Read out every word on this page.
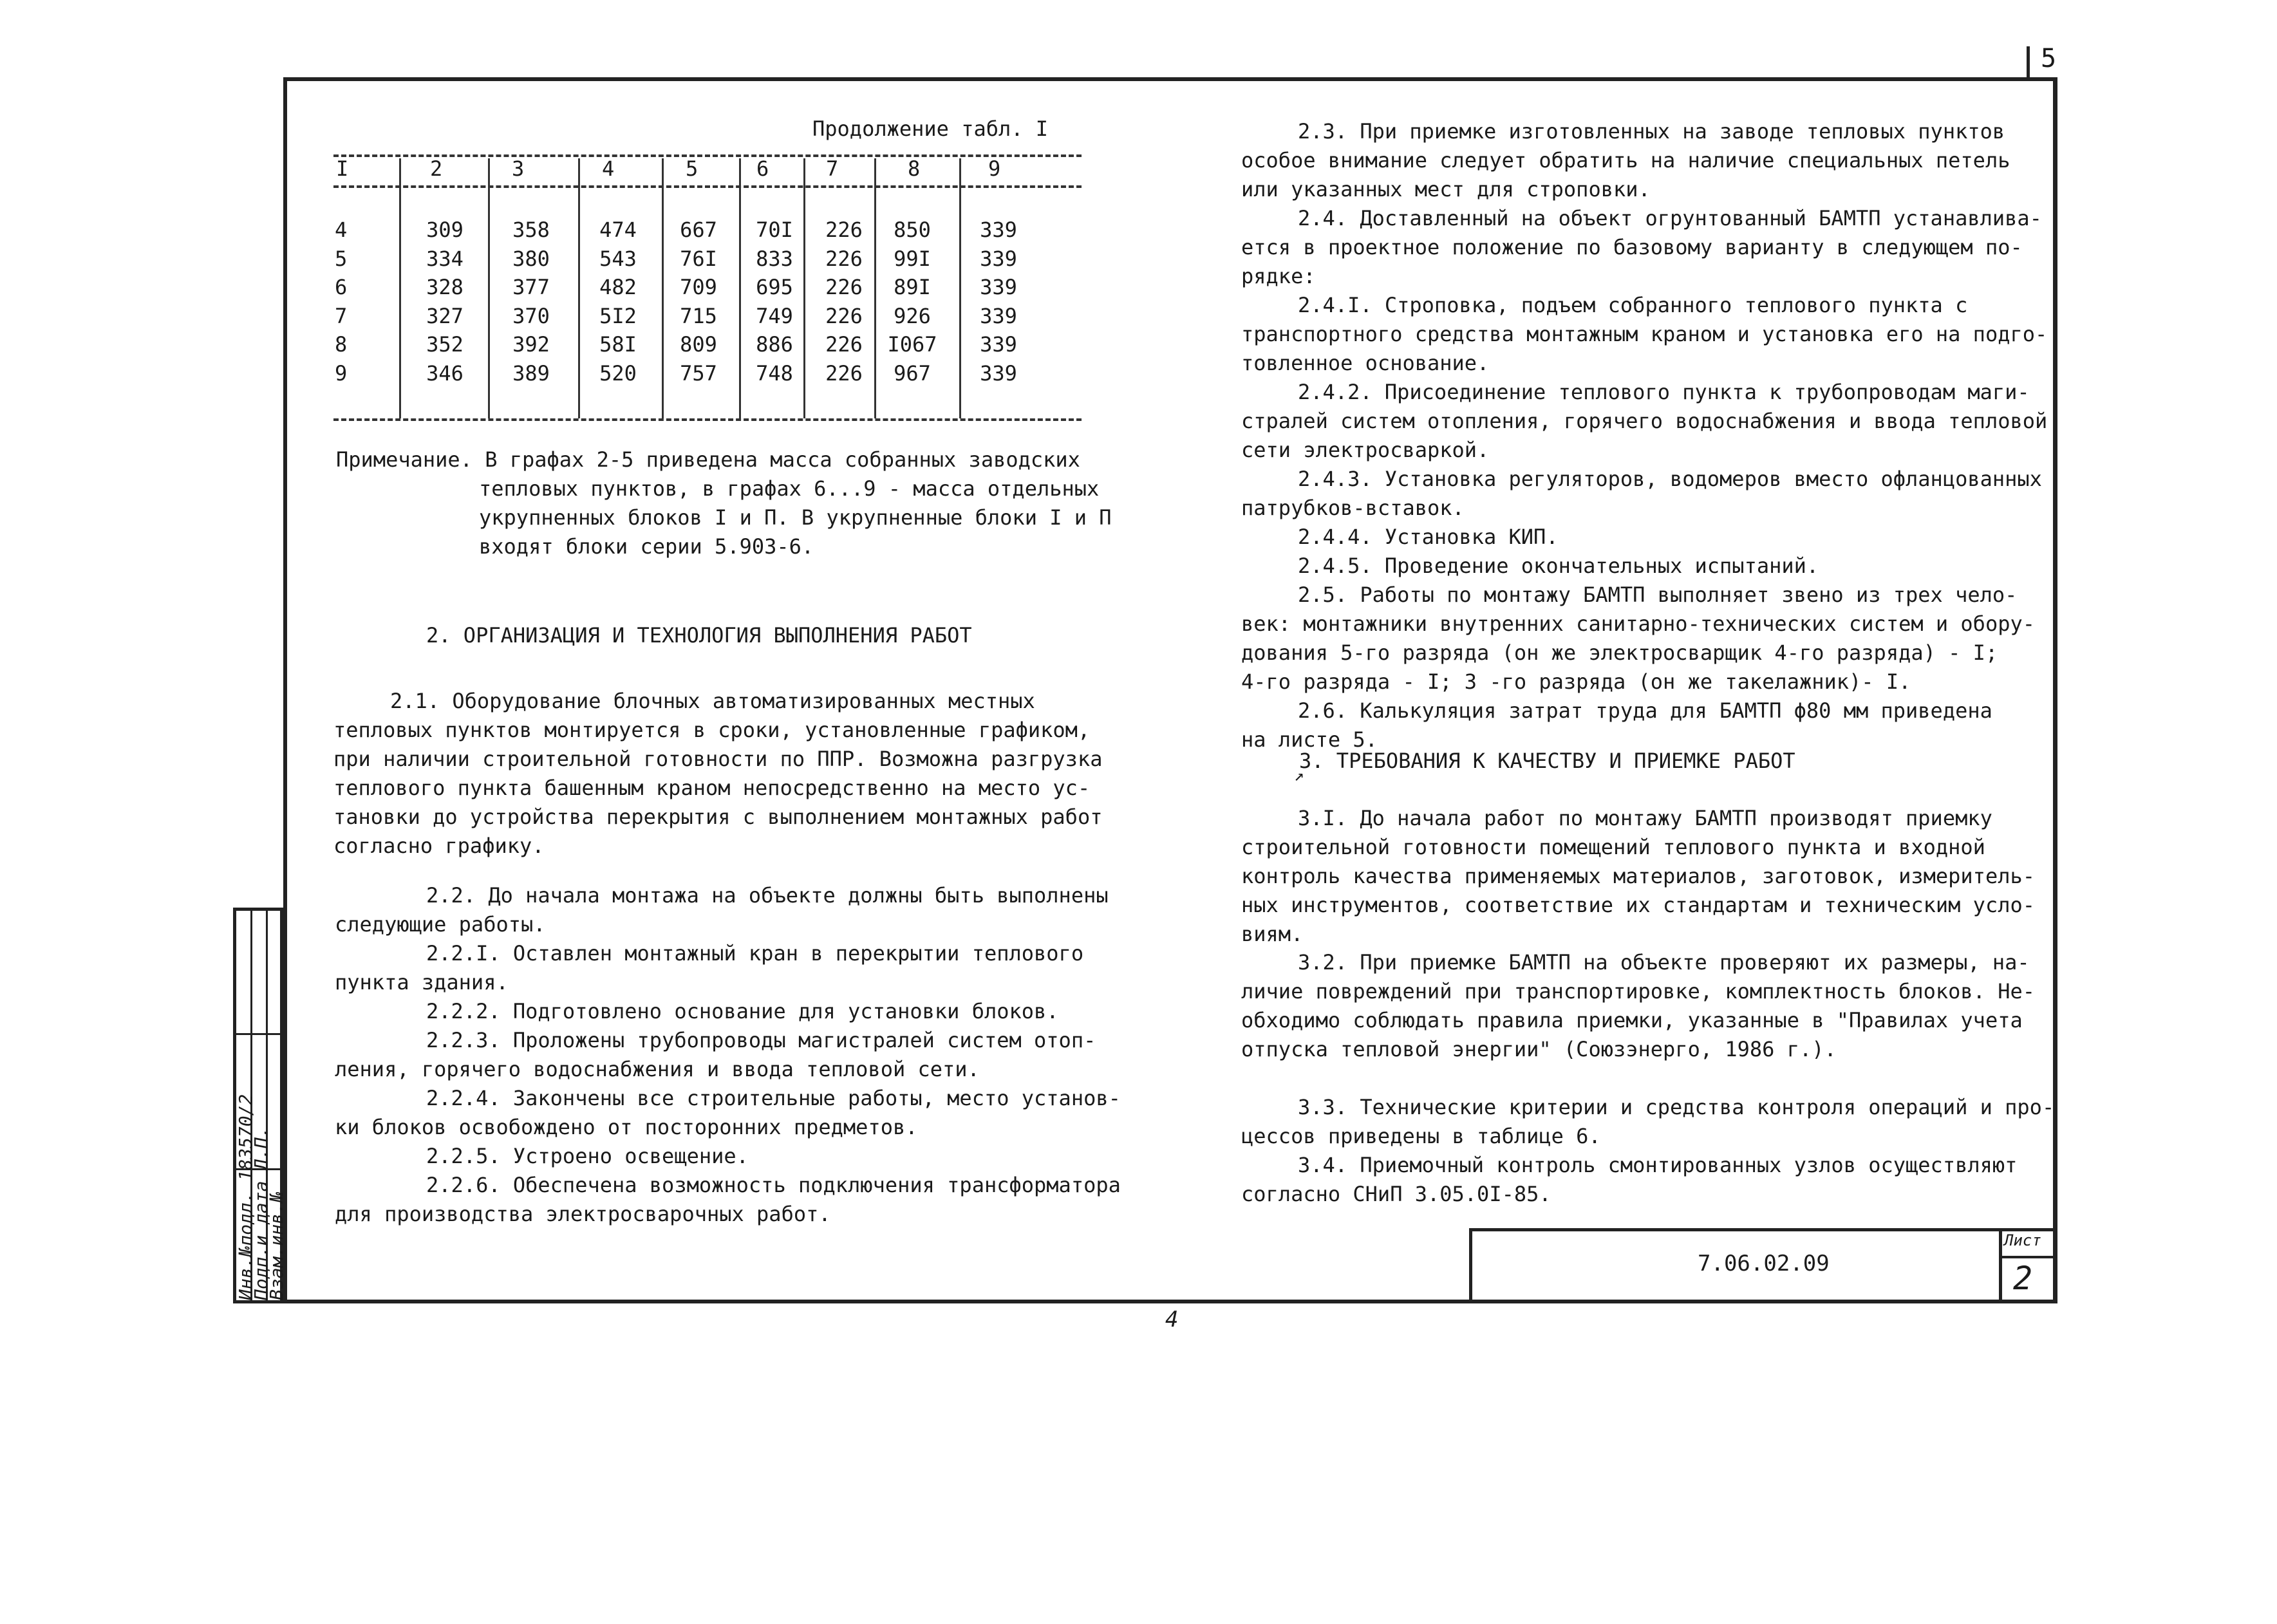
5
Продолжение табл. I
I	2	3	4	5	6	7	8	9
4	309	358	474	667	70I	226	850	339
5	334	380	543	76I	833	226	99I	339
6	328	377	482	709	695	226	89I	339
7	327	370	5I2	715	749	226	926	339
8	352	392	58I	809	886	226	I067	339
9	346	389	520	757	748	226	967	339
Примечание. В графах 2-5 приведена масса собранных заводских
тепловых пунктов, в графах 6...9 - масса отдельных
укрупненных блоков I и П. В укрупненные блоки I и П
входят блоки серии 5.903-6.
2. ОРГАНИЗАЦИЯ И ТЕХНОЛОГИЯ ВЫПОЛНЕНИЯ РАБОТ
2.1. Оборудование блочных автоматизированных местных
тепловых пунктов монтируется в сроки, установленные графиком,
при наличии строительной готовности по ППР. Возможна разгрузка
теплового пункта башенным краном непосредственно на место ус-
тановки до устройства перекрытия с выполнением монтажных работ
согласно графику.
2.2. До начала монтажа на объекте должны быть выполнены
следующие работы.
2.2.I. Оставлен монтажный кран в перекрытии теплового
пункта здания.
2.2.2. Подготовлено основание для установки блоков.
2.2.3. Проложены трубопроводы магистралей систем отоп-
ления, горячего водоснабжения и ввода тепловой сети.
2.2.4. Закончены все строительные работы, место установ-
ки блоков освобождено от посторонних предметов.
2.2.5. Устроено освещение.
2.2.6. Обеспечена возможность подключения трансформатора
для производства электросварочных работ.
2.3. При приемке изготовленных на заводе тепловых пунктов
особое внимание следует обратить на наличие специальных петель
или указанных мест для строповки.
2.4. Доставленный на объект огрунтованный БАМТП устанавлива-
ется в проектное положение по базовому варианту в следующем по-
рядке:
2.4.I. Строповка, подъем собранного теплового пункта с
транспортного средства монтажным краном и установка его на подго-
товленное основание.
2.4.2. Присоединение теплового пункта к трубопроводам маги-
стралей систем отопления, горячего водоснабжения и ввода тепловой
сети электросваркой.
2.4.3. Установка регуляторов, водомеров вместо офланцованных
патрубков-вставок.
2.4.4. Установка КИП.
2.4.5. Проведение окончательных испытаний.
2.5. Работы по монтажу БАМТП выполняет звено из трех чело-
век: монтажники внутренних санитарно-технических систем и обору-
дования 5-го разряда (он же электросварщик 4-го разряда) - I;
4-го разряда - I; 3 -го разряда (он же такелажник)- I.
2.6. Калькуляция затрат труда для БАМТП ϕ80 мм приведена
на листе 5.
3. ТРЕБОВАНИЯ К КАЧЕСТВУ И ПРИЕМКЕ РАБОТ
↗
3.I. До начала работ по монтажу БАМТП производят приемку
строительной готовности помещений теплового пункта и входной
контроль качества применяемых материалов, заготовок, измеритель-
ных инструментов, соответствие их стандартам и техническим усло-
виям.
3.2. При приемке БАМТП на объекте проверяют их размеры, на-
личие повреждений при транспортировке, комплектность блоков. Не-
обходимо соблюдать правила приемки, указанные в "Правилах учета
отпуска тепловой энергии" (Союзэнерго, 1986 г.).
3.3. Технические критерии и средства контроля операций и про-
цессов приведены в таблице 6.
3.4. Приемочный контроль смонтированных узлов осуществляют
согласно СНиП 3.05.0I-85.
Инв.№подл. 183570/2
Подп.и дата Л.П.
Взам.инв.№	7.06.02.09
Лист
2
4
